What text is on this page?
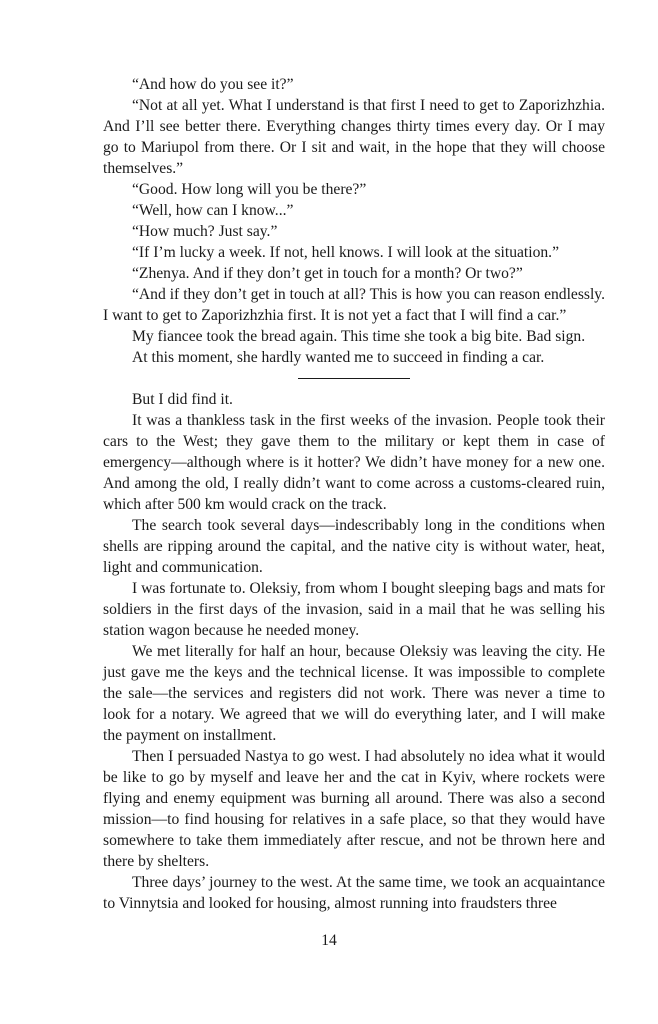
“And how do you see it?”

“Not at all yet. What I understand is that first I need to get to Zaporizhzhia. And I’ll see better there. Everything changes thirty times every day. Or I may go to Mariupol from there. Or I sit and wait, in the hope that they will choose themselves.”

“Good. How long will you be there?”

“Well, how can I know...”

“How much? Just say.”

“If I’m lucky a week. If not, hell knows. I will look at the situation.”

“Zhenya. And if they don’t get in touch for a month? Or two?”

“And if they don’t get in touch at all? This is how you can reason endlessly. I want to get to Zaporizhzhia first. It is not yet a fact that I will find a car.”

My fiancee took the bread again. This time she took a big bite. Bad sign.

At this moment, she hardly wanted me to succeed in finding a car.

But I did find it.

It was a thankless task in the first weeks of the invasion. People took their cars to the West; they gave them to the military or kept them in case of emergency—although where is it hotter? We didn’t have money for a new one. And among the old, I really didn’t want to come across a customs-cleared ruin, which after 500 km would crack on the track.

The search took several days—indescribably long in the conditions when shells are ripping around the capital, and the native city is without water, heat, light and communication.

I was fortunate to. Oleksiy, from whom I bought sleeping bags and mats for soldiers in the first days of the invasion, said in a mail that he was selling his station wagon because he needed money.

We met literally for half an hour, because Oleksiy was leaving the city. He just gave me the keys and the technical license. It was impossible to complete the sale—the services and registers did not work. There was never a time to look for a notary. We agreed that we will do everything later, and I will make the payment on installment.

Then I persuaded Nastya to go west. I had absolutely no idea what it would be like to go by myself and leave her and the cat in Kyiv, where rockets were flying and enemy equipment was burning all around. There was also a second mission—to find housing for relatives in a safe place, so that they would have somewhere to take them immediately after rescue, and not be thrown here and there by shelters.

Three days’ journey to the west. At the same time, we took an acquaintance to Vinnytsia and looked for housing, almost running into fraudsters three

14
